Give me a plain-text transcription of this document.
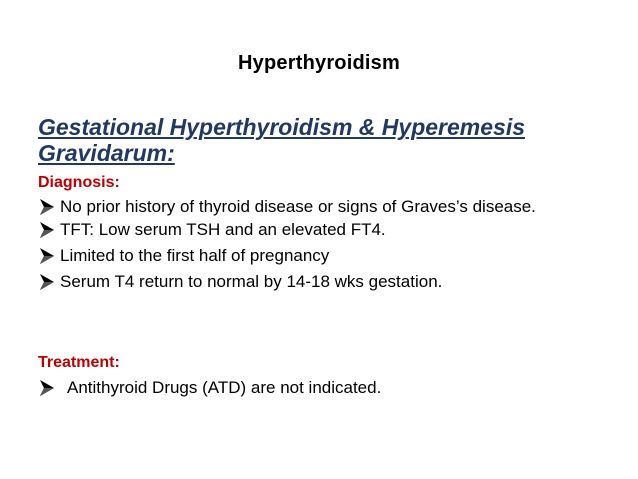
Hyperthyroidism
Gestational Hyperthyroidism & Hyperemesis Gravidarum:
Diagnosis:
No prior history of thyroid disease or signs of Graves’s disease.
TFT: Low serum TSH and an elevated FT4.
Limited to the first half of pregnancy
Serum T4 return to normal by 14-18 wks gestation.
Treatment:
Antithyroid Drugs (ATD) are not indicated.
